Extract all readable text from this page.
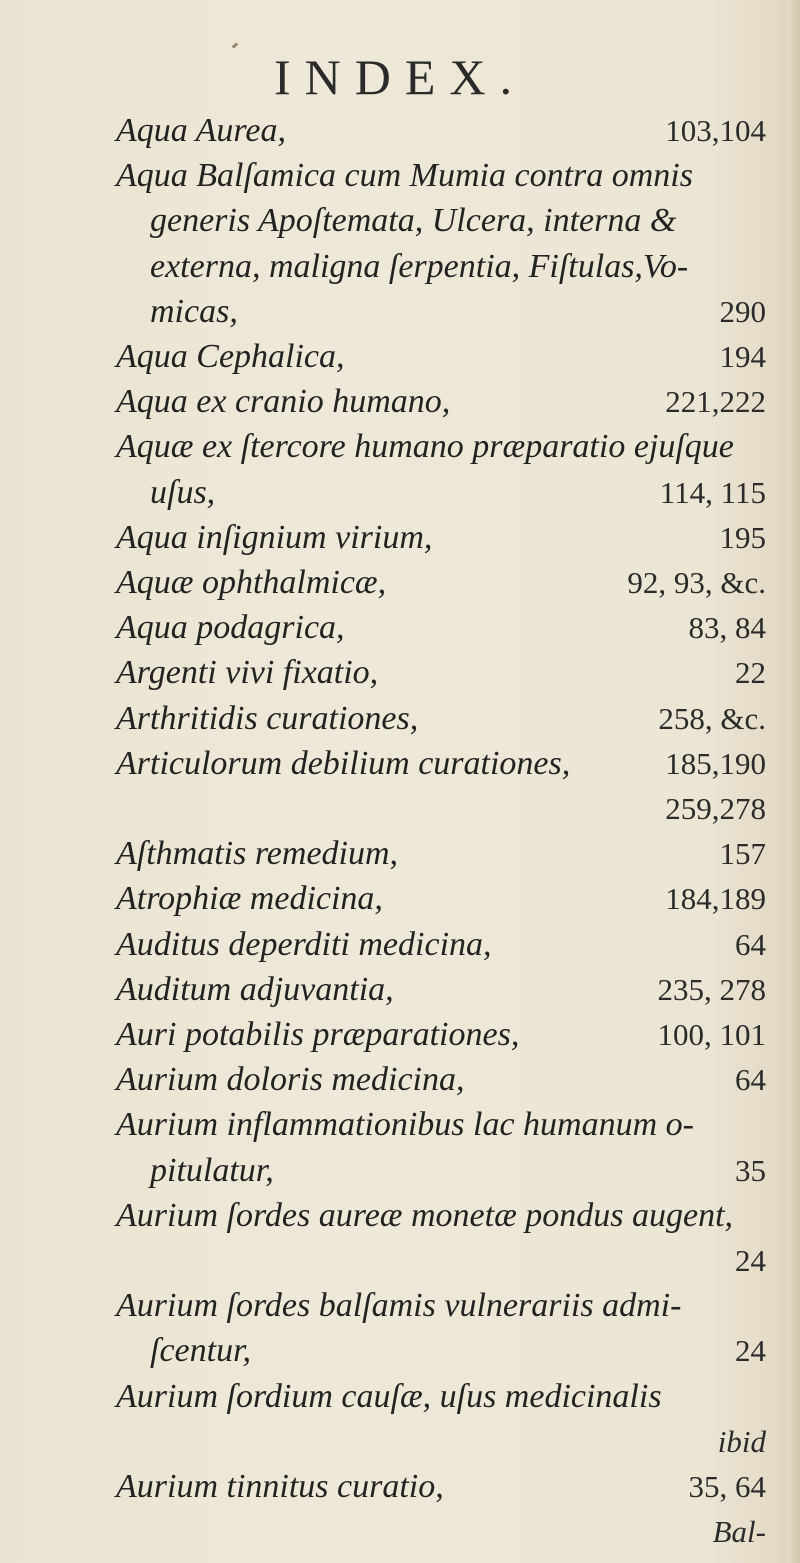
INDEX.
Aqua Aurea,	103,104
Aqua Balſamica cum Mumia contra omnis
generis Apoſtemata, Ulcera, interna &
externa, maligna ſerpentia, Fiſtulas,Vo-
micas,	290
Aqua Cephalica,	194
Aqua ex cranio humano,	221,222
Aquæ ex ſtercore humano præparatio ejuſque
uſus,	114, 115
Aqua inſignium virium,	195
Aquæ ophthalmicæ,	92, 93, &c.
Aqua podagrica,	83, 84
Argenti vivi fixatio,	22
Arthritidis curationes,	258, &c.
Articulorum debilium curationes,	185,190
259,278
Aſthmatis remedium,	157
Atrophiæ medicina,	184,189
Auditus deperditi medicina,	64
Auditum adjuvantia,	235, 278
Auri potabilis præparationes,	100, 101
Aurium doloris medicina,	64
Aurium inflammationibus lac humanum o-
pitulatur,	35
Aurium ſordes aureæ monetæ pondus augent,
24
Aurium ſordes balſamis vulnerariis admi-
ſcentur,	24
Aurium ſordium cauſæ, uſus medicinalis
ibid
Aurium tinnitus curatio,	35, 64
Bal-
